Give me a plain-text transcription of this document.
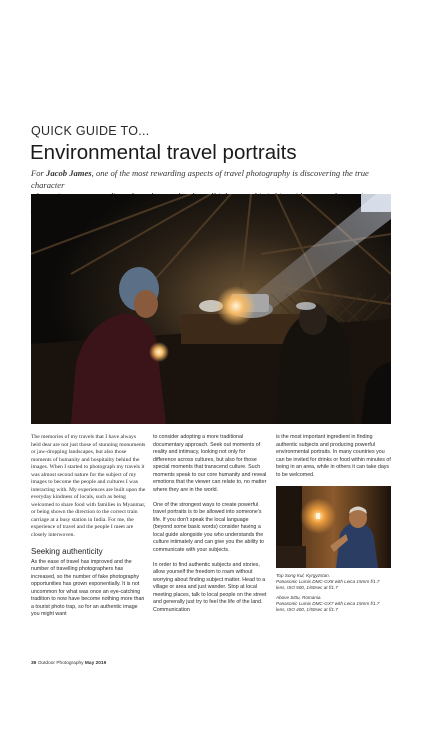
QUICK GUIDE TO...
Environmental travel portraits
For Jacob James, one of the most rewarding aspects of travel photography is discovering the true character

The memories of my travels that I have always held dear are not just those of stunning monuments or jaw-dropping landscapes, but also those moments of humanity and hospitality behind the images. When I started to photograph my travels it was almost second nature for the subject of my images to become the people and cultures I was interacting with. My experiences are built upon the everyday kindness of locals, such as being welcomed to share food with families in Myanmar, or being shown the direction to the correct train carriage at a busy station in India. For me, the experience of travel and the people I meet are closely interwoven.

Seeking authenticity

As the ease of travel has improved and the number of travelling photographers has increased, so the number of fake photography opportunities has grown exponentially. It is not uncommon for what was once an eye-catching tradition to now have become nothing more than a tourist photo trap, so for an authentic image you might want

to consider adopting a more traditional documentary approach. Seek out moments of reality and intimacy, looking not only for difference across cultures, but also for those special moments that transcend culture. Such moments speak to our core humanity and reveal emotions that the viewer can relate to, no matter where they are in the world.

One of the strongest ways to create powerful travel portraits is to be allowed into someone's life. If you don't speak the local language (beyond some basic words) consider having a local guide alongside you who understands the culture intimately and can give you the ability to communicate with your subjects.

In order to find authentic subjects and stories, allow yourself the freedom to roam without worrying about finding subject matter. Head to a village or area and just wander. Stop at local meeting places, talk to local people on the street and generally just try to feel the life of the land. Communication

is the most important ingredient in finding authentic subjects and producing powerful environmental portraits. In many countries you can be invited for drinks or food within minutes of being in an area, while in others it can take days to be welcomed.

Top Song Kul, Kyrgyzstan.

Panasonic Lumix DMC-GX8 with Leica 15mm f/1.7

lens, ISO 500, 1/60sec at f/1.7

Above Sittu, Romania.

Panasonic Lumix DMC-GX7 with Leica 15mm f/1.7

lens, ISO 400, 1/50sec at f/1.7

36 Outdoor Photography May 2019
